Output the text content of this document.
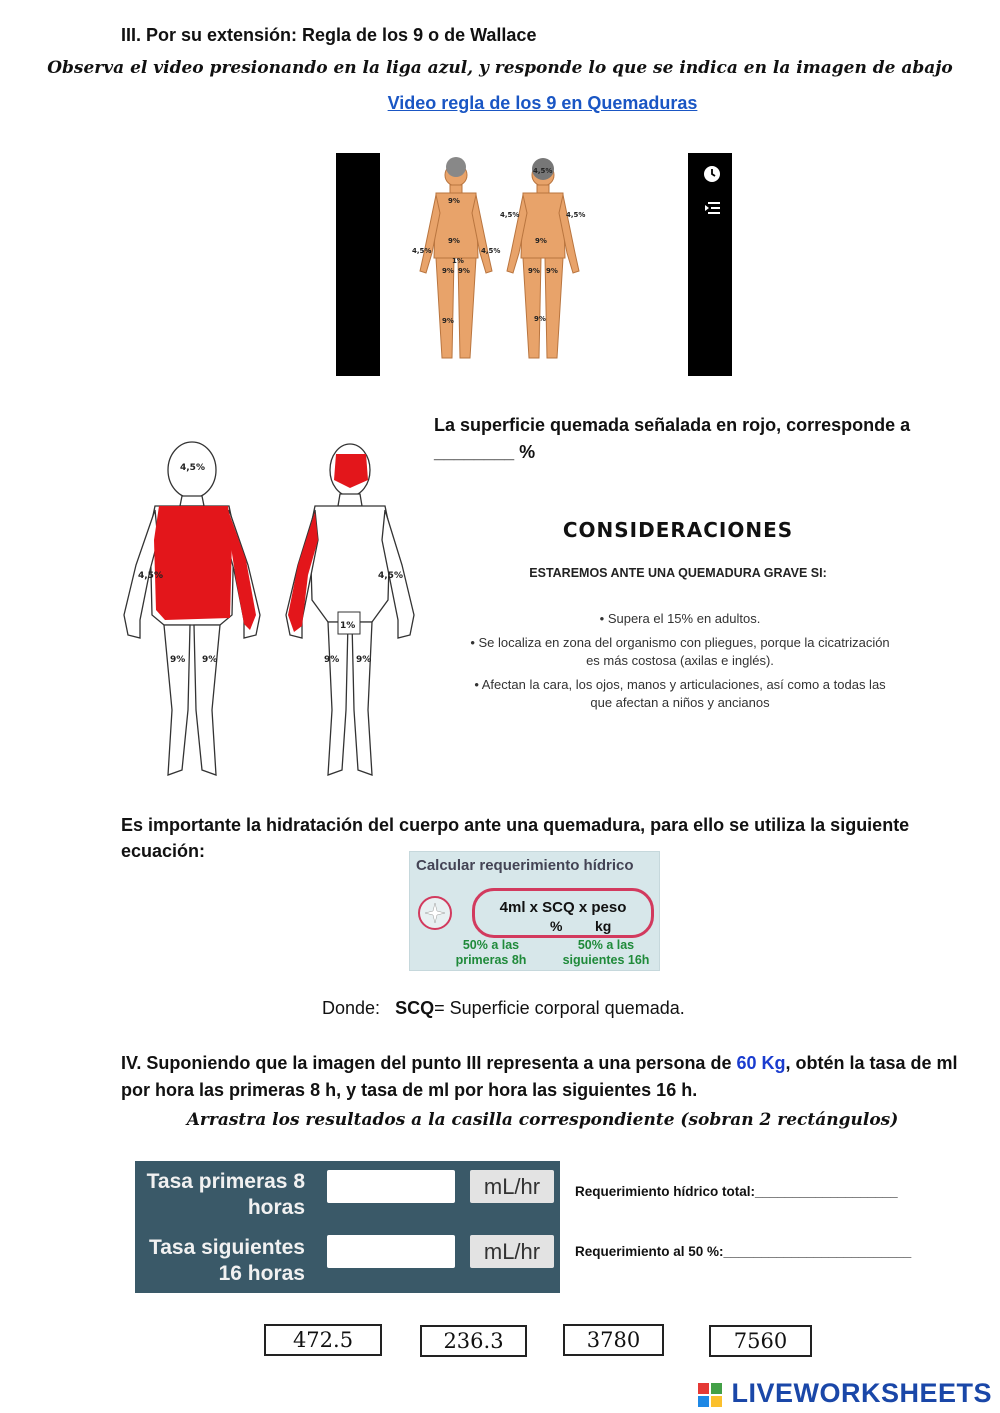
III. Por su extensión: Regla de los 9 o de Wallace
Observa el video presionando en la liga azul, y responde lo que se indica en la imagen de abajo
Video regla de los 9 en Quemaduras
9%
4,5%
9%
4,5%
9% 9%
9%
1%
4,5%
4,5%
9%
4,5%
9% 9%
9%
4,5%
4,5%	4,5%
1%
9% 9%	9% 9%
La superficie quemada señalada en rojo, corresponde a ________ %
CONSIDERACIONES
ESTAREMOS ANTE UNA QUEMADURA GRAVE SI:
• Supera el 15% en adultos.
• Se localiza en zona del organismo con pliegues, porque la cicatrización es más costosa (axilas e inglés).
• Afectan la cara, los ojos, manos y articulaciones, así como a todas las que afectan a niños y ancianos
Es importante la hidratación del cuerpo ante una quemadura, para ello se utiliza la siguiente ecuación:
Calcular requerimiento hídrico
4ml x SCQ x peso
% kg
50% a las
primeras 8h
50% a las
siguientes 16h
Donde: SCQ= Superficie corporal quemada.
IV. Suponiendo que la imagen del punto III representa a una persona de 60 Kg, obtén la tasa de ml por hora las primeras 8 h, y tasa de ml por hora las siguientes 16 h.
Arrastra los resultados a la casilla correspondiente (sobran 2 rectángulos)
Tasa primeras 8
horas
mL/hr
Tasa siguientes
16 horas
mL/hr
Requerimiento hídrico total:___________________
Requerimiento al 50 %:_________________________
472.5	236.3	3780	7560
LIVEWORKSHEETS
